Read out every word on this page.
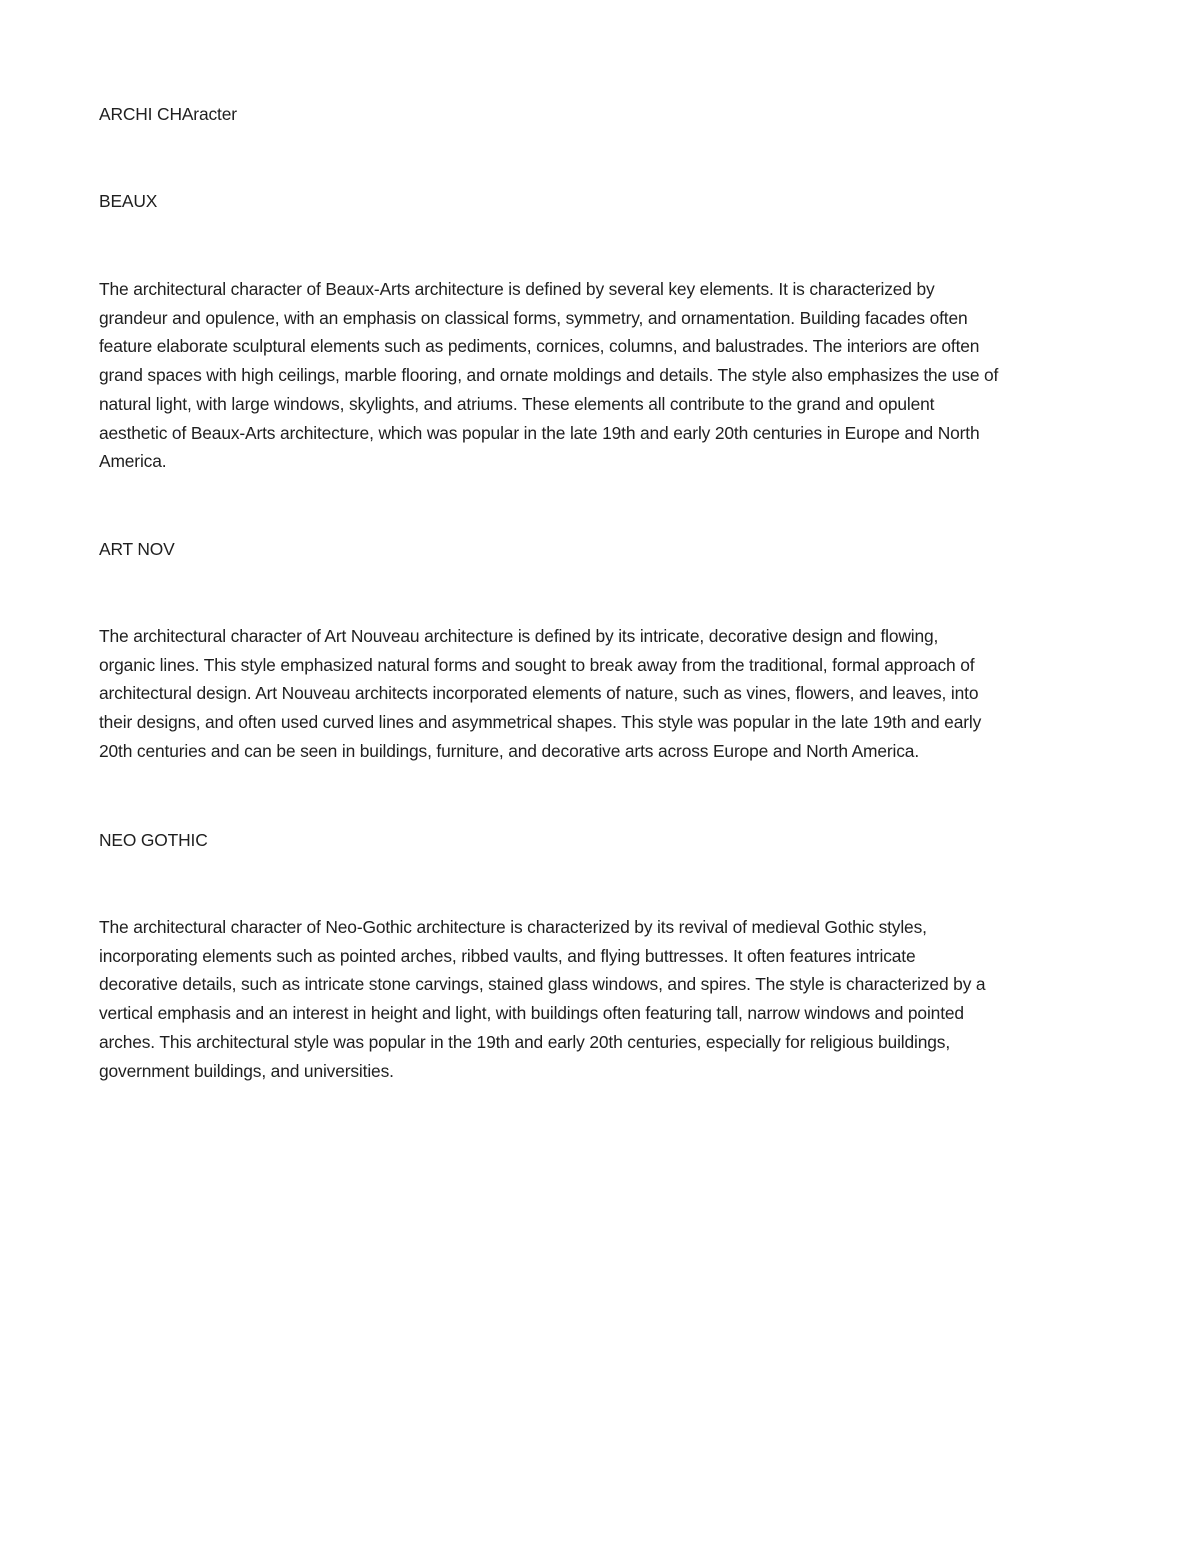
ARCHI CHAracter

BEAUX

The architectural character of Beaux-Arts architecture is defined by several key elements. It is characterized by
grandeur and opulence, with an emphasis on classical forms, symmetry, and ornamentation. Building facades often
feature elaborate sculptural elements such as pediments, cornices, columns, and balustrades. The interiors are often
grand spaces with high ceilings, marble flooring, and ornate moldings and details. The style also emphasizes the use of
natural light, with large windows, skylights, and atriums. These elements all contribute to the grand and opulent
aesthetic of Beaux-Arts architecture, which was popular in the late 19th and early 20th centuries in Europe and North
America.

ART NOV

The architectural character of Art Nouveau architecture is defined by its intricate, decorative design and flowing,
organic lines. This style emphasized natural forms and sought to break away from the traditional, formal approach of
architectural design. Art Nouveau architects incorporated elements of nature, such as vines, flowers, and leaves, into
their designs, and often used curved lines and asymmetrical shapes. This style was popular in the late 19th and early
20th centuries and can be seen in buildings, furniture, and decorative arts across Europe and North America.

NEO GOTHIC

The architectural character of Neo-Gothic architecture is characterized by its revival of medieval Gothic styles,
incorporating elements such as pointed arches, ribbed vaults, and flying buttresses. It often features intricate
decorative details, such as intricate stone carvings, stained glass windows, and spires. The style is characterized by a
vertical emphasis and an interest in height and light, with buildings often featuring tall, narrow windows and pointed
arches. This architectural style was popular in the 19th and early 20th centuries, especially for religious buildings,
government buildings, and universities.
